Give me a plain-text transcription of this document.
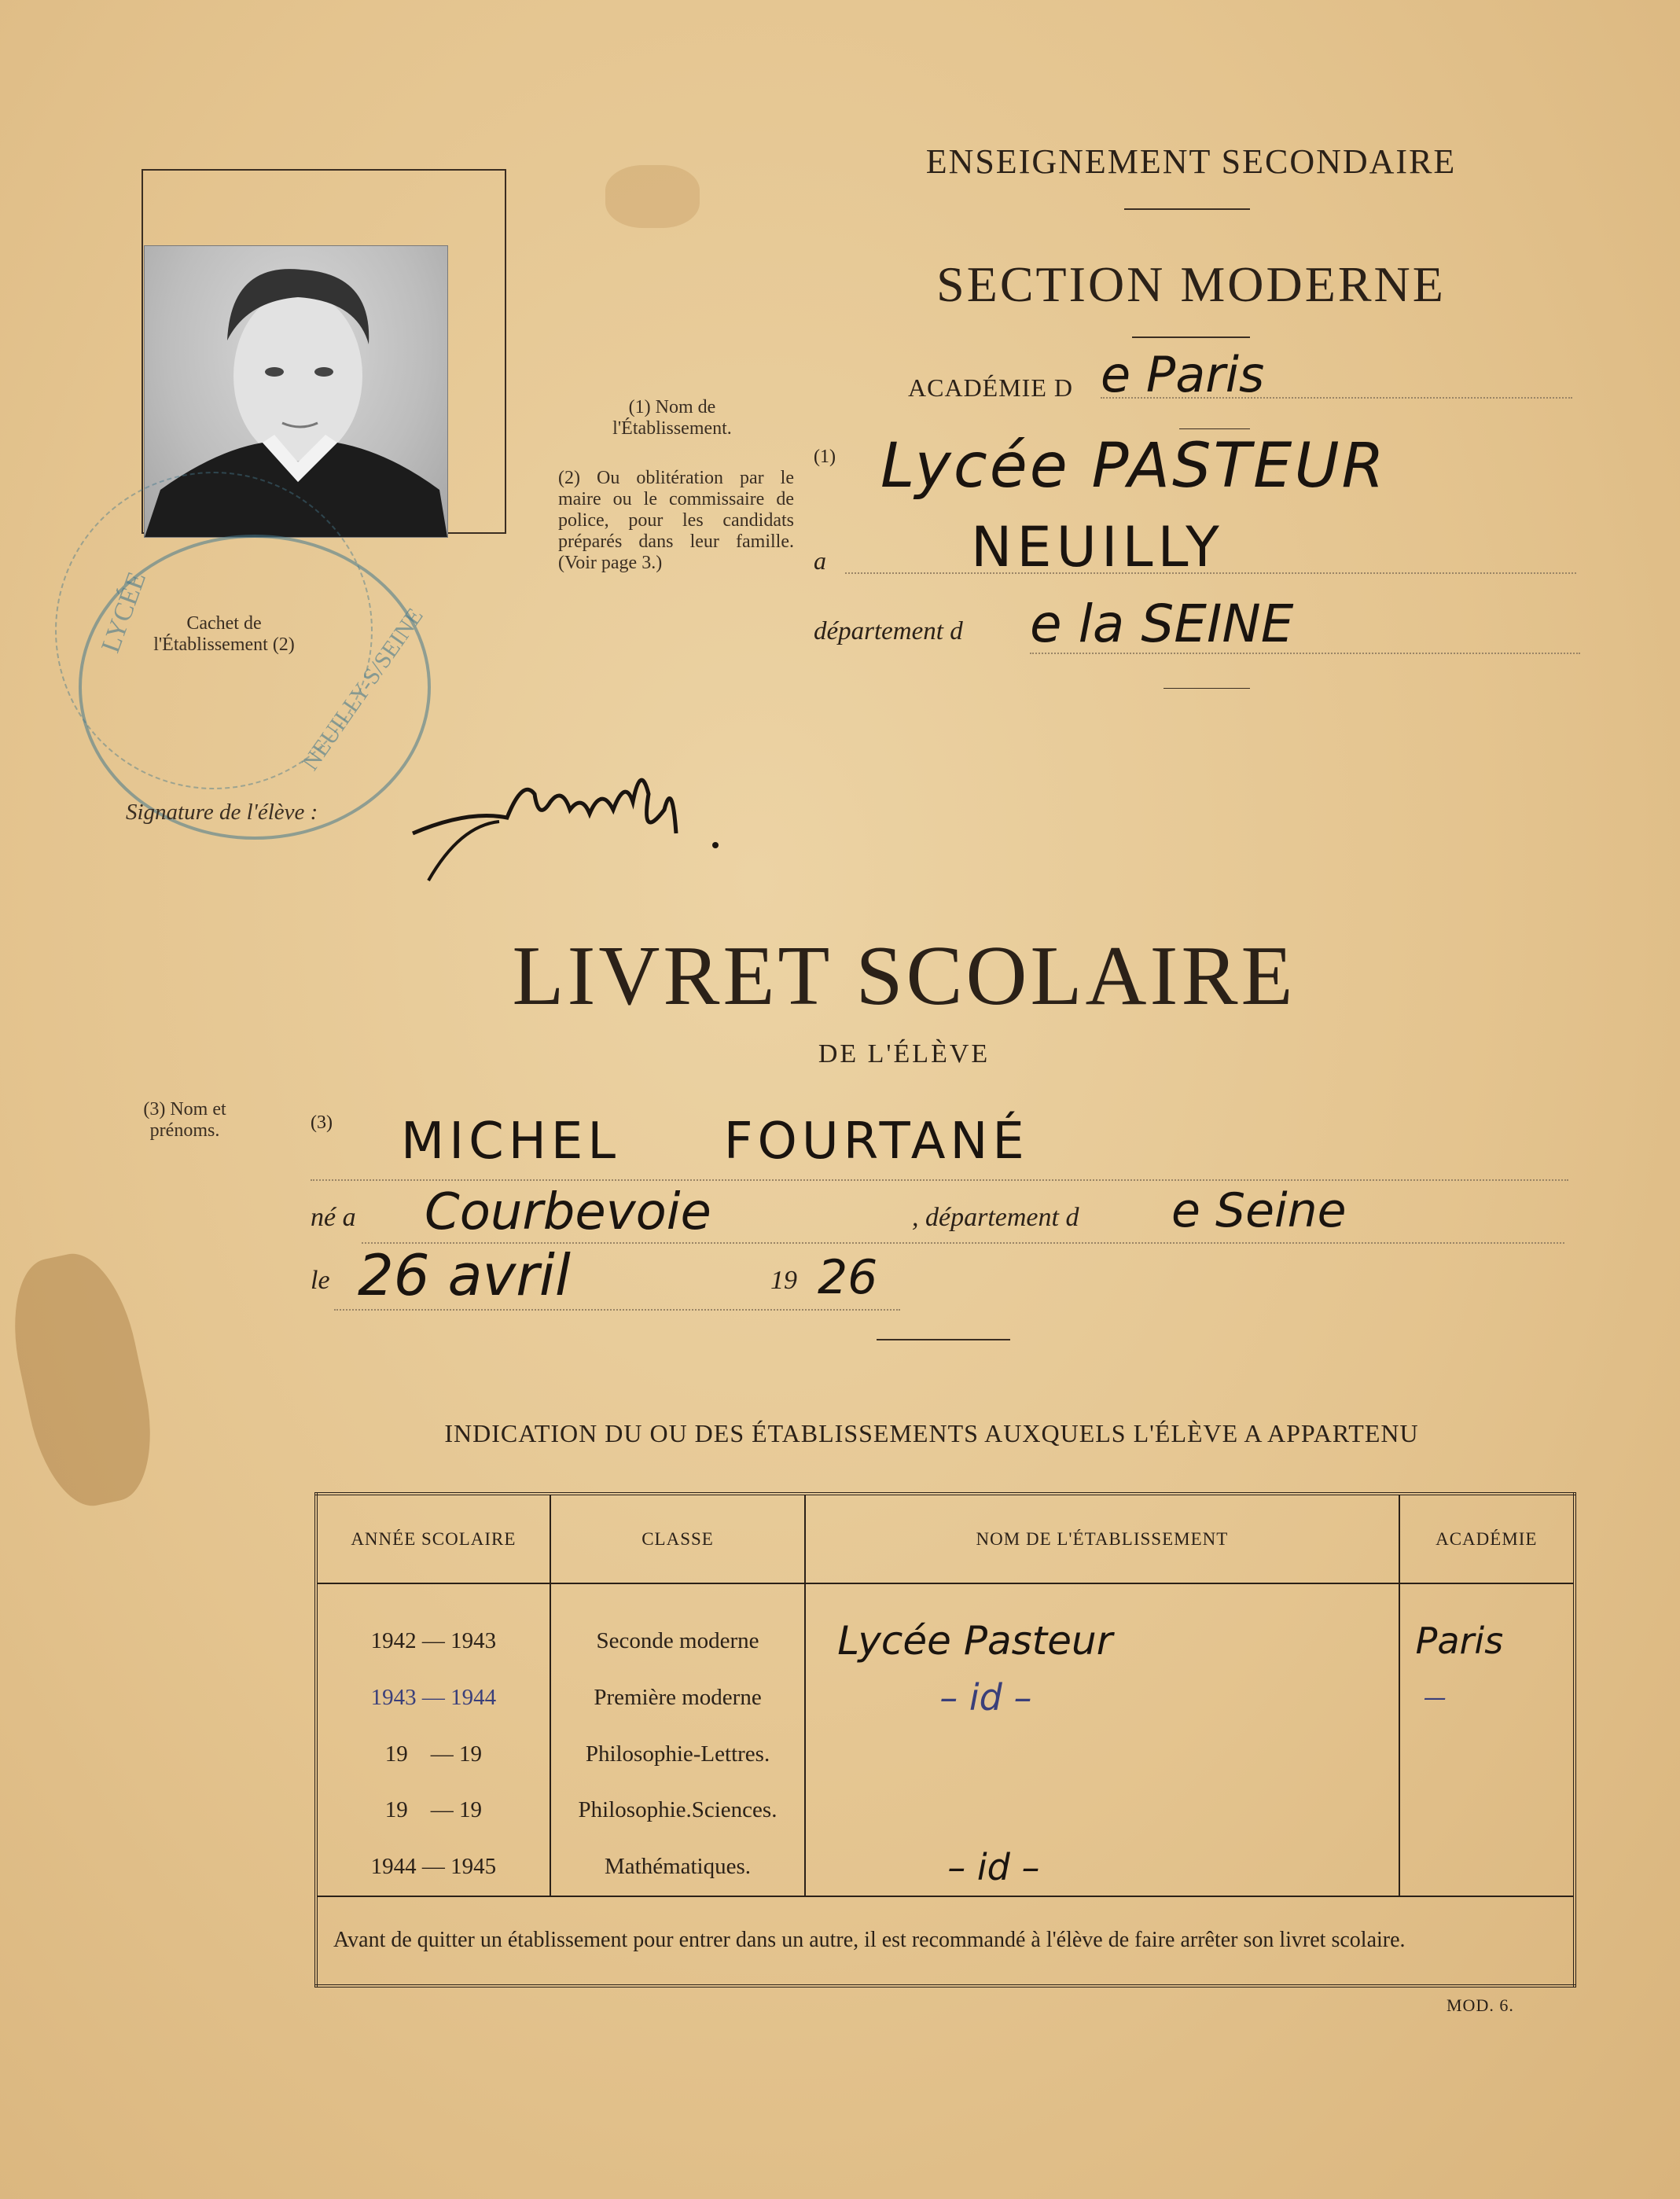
ENSEIGNEMENT SECONDAIRE
SECTION MODERNE
ACADÉMIE D e Paris
(1) Lycée PASTEUR
a	NEUILLY
département d e la SEINE
(1) Nom de l'Établissement.
(2) Ou oblitération par le maire ou le commissaire de police, pour les candidats préparés dans leur famille. (Voir page 3.)
Cachet de l'Établissement (2)
LYCÉE	NEUILLY-S/SEINE
Signature de l'élève :
LIVRET SCOLAIRE
DE L'ÉLÈVE
(3) Nom et prénoms.	(3) MICHEL     FOURTANÉ
né a Courbevoie	, département d e Seine
le 26 avril	19 26
INDICATION DU OU DES ÉTABLISSEMENTS AUXQUELS L'ÉLÈVE A APPARTENU
ANNÉE SCOLAIRE	CLASSE	NOM DE L'ÉTABLISSEMENT	ACADÉMIE
1942 — 1943	Seconde moderne	Lycée Pasteur	Paris
1943 — 1944	Première moderne	– id –	—
19    — 19	Philosophie-Lettres.		
19    — 19	Philosophie.Sciences.		
1944 — 1945	Mathématiques.	– id –	
Avant de quitter un établissement pour entrer dans un autre, il est recommandé à l'élève de faire arrêter son livret scolaire.			
MOD. 6.
